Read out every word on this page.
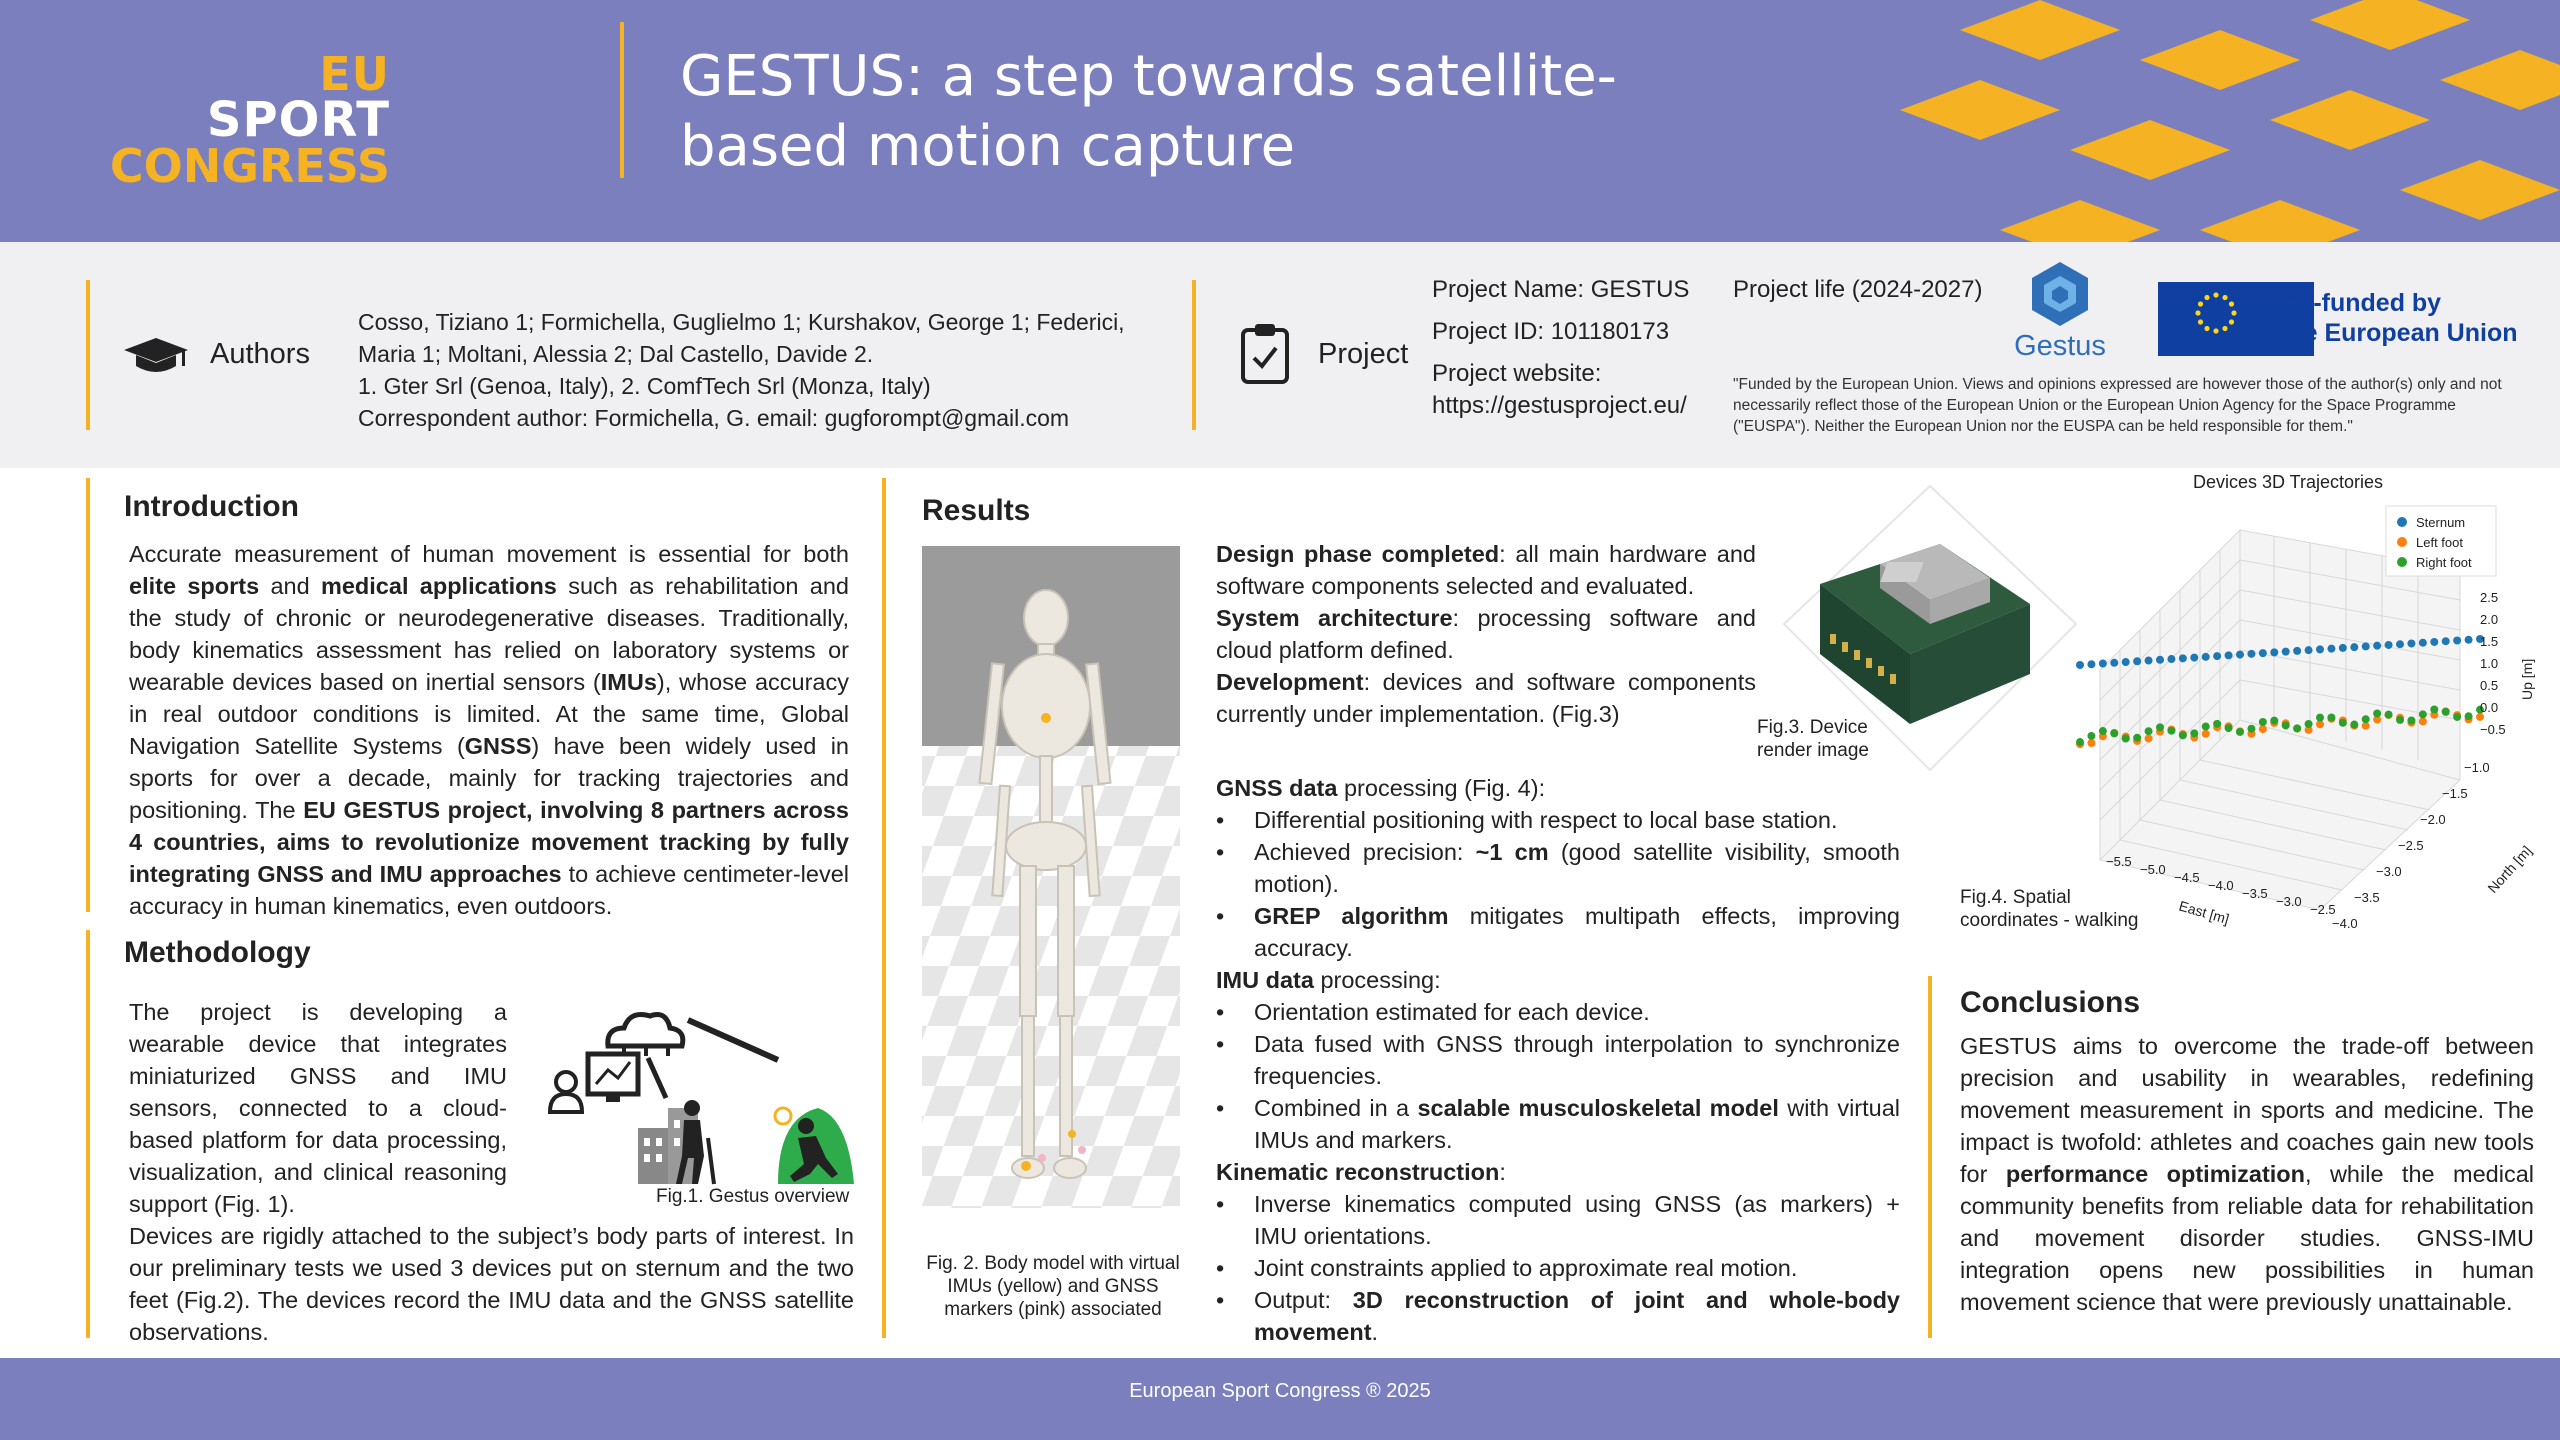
EU
SPORT
CONGRESS
GESTUS: a step towards satellite-based motion capture
Authors
Cosso, Tiziano 1; Formichella, Guglielmo 1; Kurshakov, George 1; Federici, Maria 1; Moltani, Alessia 2; Dal Castello, Davide 2.
1. Gter Srl (Genoa, Italy), 2. ComfTech Srl (Monza, Italy)
Correspondent author: Formichella, G. email: gugforompt@gmail.com
Project
Project Name: GESTUS
Project ID: 101180173
Project website:
https://gestusproject.eu/
Project life (2024-2027)
Gestus
Co-funded by
the European Union
"Funded by the European Union. Views and opinions expressed are however those of the author(s) only and not necessarily reflect those of the European Union or the European Union Agency for the Space Programme ("EUSPA"). Neither the European Union nor the EUSPA can be held responsible for them."
Introduction
Accurate measurement of human movement is essential for both elite sports and medical applications such as rehabilitation and the study of chronic or neurodegenerative diseases. Traditionally, body kinematics assessment has relied on laboratory systems or wearable devices based on inertial sensors (IMUs), whose accuracy in real outdoor conditions is limited. At the same time, Global Navigation Satellite Systems (GNSS) have been widely used in sports for over a decade, mainly for tracking trajectories and positioning. The EU GESTUS project, involving 8 partners across 4 countries, aims to revolutionize movement tracking by fully integrating GNSS and IMU approaches to achieve centimeter-level accuracy in human kinematics, even outdoors.
Methodology
The project is developing a wearable device that integrates miniaturized GNSS and IMU sensors, connected to a cloud-based platform for data processing, visualization, and clinical reasoning support (Fig. 1).
Devices are rigidly attached to the subject’s body parts of interest. In our preliminary tests we used 3 devices put on sternum and the two feet (Fig.2). The devices record the IMU data and the GNSS satellite observations.
Fig.1. Gestus overview
Results
Fig. 2. Body model with virtual IMUs (yellow) and GNSS markers (pink) associated
Design phase completed: all main hardware and software components selected and evaluated.
System architecture: processing software and cloud platform defined.
Development: devices and software components currently under implementation. (Fig.3)
GNSS data processing (Fig. 4):
• Differential positioning with respect to local base station.
• Achieved precision: ~1 cm (good satellite visibility, smooth motion).
• GREP algorithm mitigates multipath effects, improving accuracy.
IMU data processing:
• Orientation estimated for each device.
• Data fused with GNSS through interpolation to synchronize frequencies.
• Combined in a scalable musculoskeletal model with virtual IMUs and markers.
Kinematic reconstruction:
• Inverse kinematics computed using GNSS (as markers) + IMU orientations.
• Joint constraints applied to approximate real motion.
• Output: 3D reconstruction of joint and whole-body movement.
Fig.3. Device render image
Devices 3D Trajectories
−5.5
−5.0
−4.5
−4.0
−3.5
−3.0
−2.5
−4.0
−3.5
−3.0
−2.5
−2.0
−1.5
−1.0
2.5
2.0
1.5
1.0
0.5
0.0
−0.5
East [m]
North [m]
Up [m]
Sternum
Left foot
Right foot
Fig.4. Spatial coordinates - walking
Conclusions
GESTUS aims to overcome the trade-off between precision and usability in wearables, redefining movement measurement in sports and medicine. The impact is twofold: athletes and coaches gain new tools for performance optimization, while the medical community benefits from reliable data for rehabilitation and movement disorder studies. GNSS-IMU integration opens new possibilities in human movement science that were previously unattainable.
European Sport Congress ® 2025
